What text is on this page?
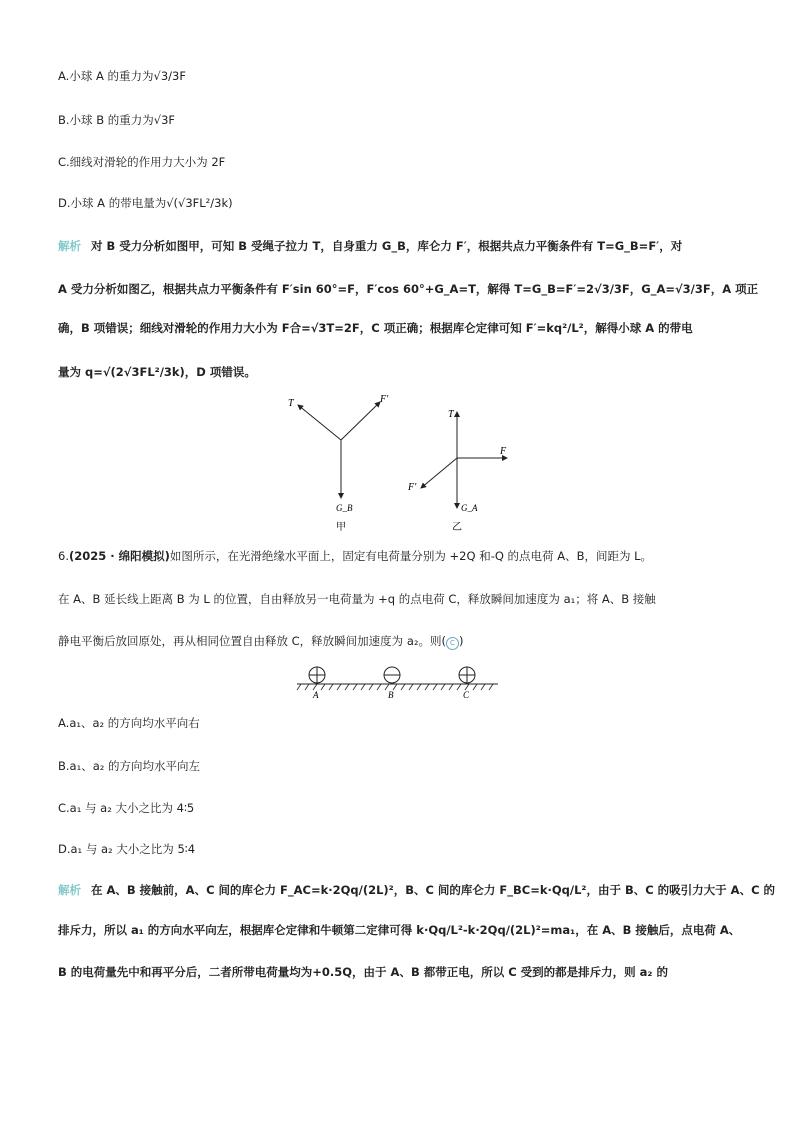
A.小球 A 的重力为√3/3F
B.小球 B 的重力为√3F
C.细线对滑轮的作用力大小为 2F
D.小球 A 的带电量为√(√3FL²/3k)
解析 对 B 受力分析如图甲，可知 B 受绳子拉力 T，自身重力 G_B，库仑力 F′，根据共点力平衡条件有 T=G_B=F′，对
A 受力分析如图乙，根据共点力平衡条件有 F′sin 60°=F，F′cos 60°+G_A=T，解得 T=G_B=F′=2√3/3F，G_A=√3/3F，A 项正
确，B 项错误；细线对滑轮的作用力大小为 F合=√3T=2F，C 项正确；根据库仑定律可知 F′=kq²/L²，解得小球 A 的带电
量为 q=√(2√3FL²/3k)，D 项错误。
T	F′
G_B
甲
T
F
F′
G_A
乙
6.(2025 · 绵阳模拟)如图所示，在光滑绝缘水平面上，固定有电荷量分别为 +2Q 和-Q 的点电荷 A、B，间距为 L。
在 A、B 延长线上距离 B 为 L 的位置，自由释放另一电荷量为 +q 的点电荷 C，释放瞬间加速度为 a₁；将 A、B 接触
静电平衡后放回原处，再从相同位置自由释放 C，释放瞬间加速度为 a₂。则( C )
A	B	C
A.a₁、a₂ 的方向均水平向右
B.a₁、a₂ 的方向均水平向左
C.a₁ 与 a₂ 大小之比为 4∶5
D.a₁ 与 a₂ 大小之比为 5∶4
解析 在 A、B 接触前，A、C 间的库仑力 F_AC=k·2Qq/(2L)²，B、C 间的库仑力 F_BC=k·Qq/L²，由于 B、C 的吸引力大于 A、C 的
排斥力，所以 a₁ 的方向水平向左，根据库仑定律和牛顿第二定律可得 k·Qq/L²-k·2Qq/(2L)²=ma₁，在 A、B 接触后，点电荷 A、
B 的电荷量先中和再平分后，二者所带电荷量均为+0.5Q，由于 A、B 都带正电，所以 C 受到的都是排斥力，则 a₂ 的
